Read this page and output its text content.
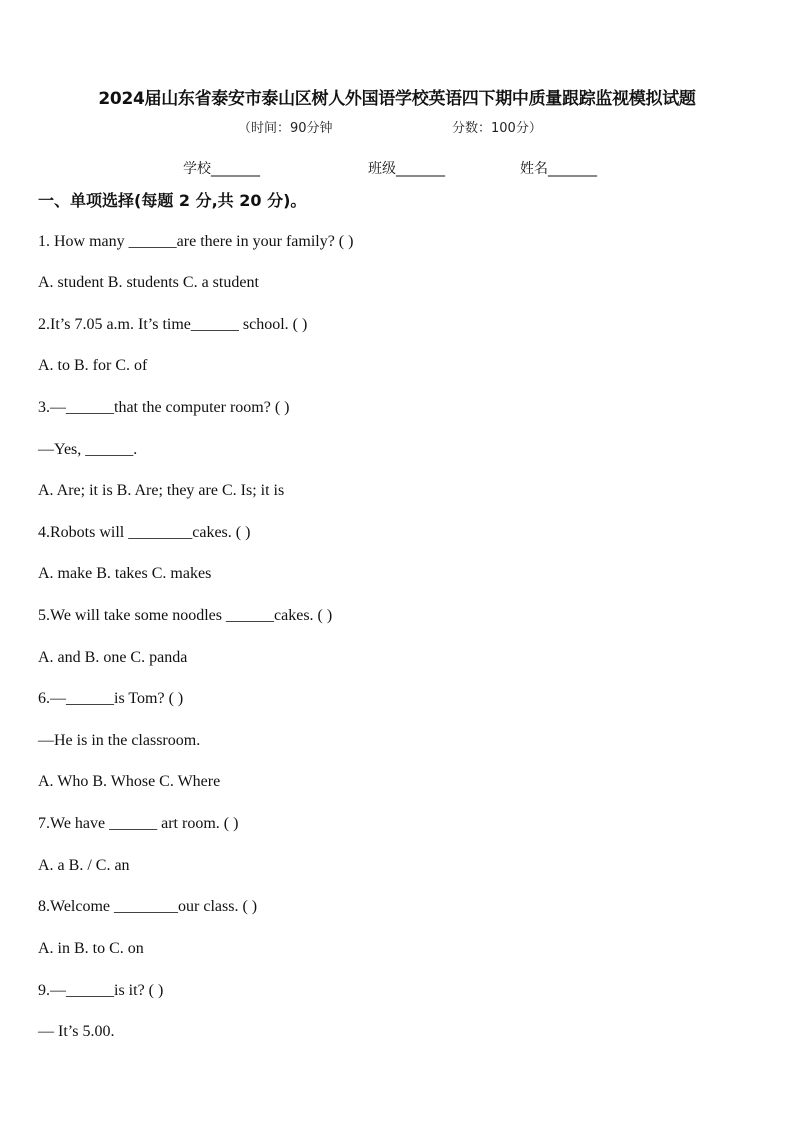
2024届山东省泰安市泰山区树人外国语学校英语四下期中质量跟踪监视模拟试题
（时间：90分钟	分数：100分）
学校_______	班级_______	姓名_______
一、单项选择(每题 2 分,共 20 分)。
1. How many ______are there in your family? ( )
A. student B. students C. a student
2.It’s 7.05 a.m. It’s time______ school. ( )
A. to B. for C. of
3.—______that the computer room? ( )
—Yes, ______.
A. Are; it is B. Are; they are C. Is; it is
4.Robots will ________cakes. ( )
A. make B. takes C. makes
5.We will take some noodles ______cakes. ( )
A. and B. one C. panda
6.—______is Tom? ( )
—He is in the classroom.
A. Who B. Whose C. Where
7.We have ______ art room. ( )
A. a B. / C. an
8.Welcome ________our class. ( )
A. in B. to C. on
9.—______is it? ( )
— It’s 5.00.
